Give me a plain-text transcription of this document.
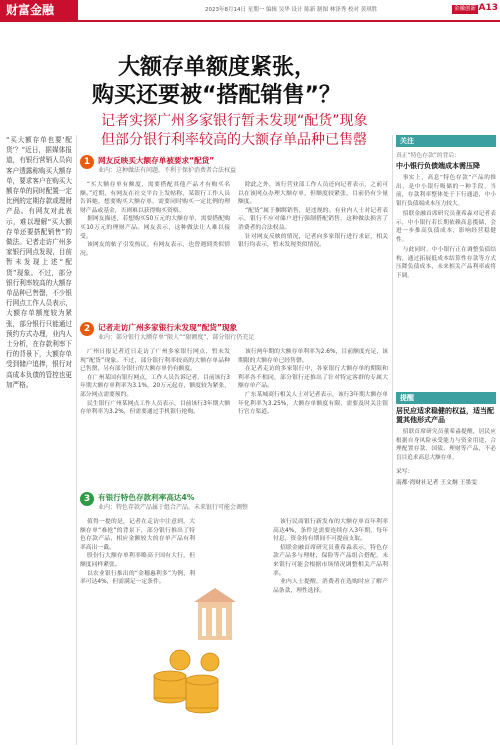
财富金融	2023年8月14日 星期一 编辑 吴华 设计 陈新 制图 林泽秀 校对 黄琪胜	金融创新 A13
大额存单额度紧张，
购买还要被“搭配销售”？
记者实探广州多家银行暂未发现“配货”现象
但部分银行利率较高的大额存单品种已售罄
“买大额存单也要‘配货’？”近日，据媒体报道，有银行营销人员向客户透露称购买大额存单，要求客户在购买大额存单的同时配置一定比例的定期存款或理财产品。有网友对此表示，难以理解“买大额存单还要搭配销售”的做法。记者走访广州多家银行网点发现，目前暂未发现上述“配货”现象。不过，部分银行利率较高的大额存单品种已售罄，不少银行网点工作人员表示，大额存单额度较为紧张，部分银行只能通过预约方式办理，业内人士分析，在存款利率下行的背景下，大额存单受到储户追捧，银行对高成本负债的管控也更加严格。
1	网友反映买大额存单被要求“配货”
业内：这种做法有问题，不利于保护消费者合法权益

“买大额存单有额度，需要搭配其他产品才有购买名额。”近期，有网友在社交平台上发帖称，某银行工作人员告诉她，想要购买大额存单，需要同时购买一定比例的理财产品或基金，否则难以获得购买资格。

据网友描述，若想购买50万元的大额存单，需要搭配购买10万元的理财产品。网友表示，这种做法让人难以接受。

该网友的帖子引发热议。有网友表示，也曾遇到类似情况。

除此之外，该行营业部工作人员还向记者表示，之前可以在该网点办理大额存单，但额度较紧张，目前仍有少量额度。

“配货”属于捆绑销售，是违规的。有业内人士对记者表示，银行不应对储户进行强制搭配销售，这种做法损害了消费者的合法权益。

针对网友反映的情况，记者向多家银行进行求证，相关银行均表示，暂未发现类似情况。

2	记者走访广州多家银行未发现“配货”现象
业内：部分银行大额存单“限人”“限额度”，部分银行仍充足

广州日报记者近日走访了广州多家银行网点，暂未发现“配货”现象。不过，部分银行利率较高的大额存单品种已售罄，另有部分银行的大额存单仍有额度。

在广州某国有银行网点，工作人员告诉记者，目前该行3年期大额存单利率为3.1%，20万元起存，额度较为紧张，部分网点需要预约。

民生银行广州某网点工作人员表示，目前该行3年期大额存单利率为3.2%，但需要通过手机银行抢购。

该行两年期的大额存单利率为2.6%，目前额度充足，该期限的大额存单已经售罄。

在记者走访的多家银行中，各家银行大额存单的期限和利率各不相同，部分银行还推出了针对特定客群的专属大额存单产品。

广东某城商行相关人士对记者表示，该行3年期大额存单年化利率为3.25%，大额存单额度有限，需要及时关注银行官方渠道。

3	有银行特色存款利率高达4%
业内：特色存款产品属于组合产品，未来银行可能会调整

值得一提的是，记者在走访中注意到，大额存单“难抢”的背景下，部分银行推出了特色存款产品，相应金额较大的存单产品有利率高出一截。

股份行大额存单利率略高于国有大行，但额度同样紧张。

以农业银行推出的“金穗惠利多”为例，利率可达4%，但需满足一定条件。

该行民商银行新发布的大额存单首年利率高达4%，条件是需要连续存入3年期，每年付息，资金持有期间不可提前支取。

招联金融首席研究员董希淼表示，特色存款产品多与理财、保险等产品组合搭配，未来银行可能会根据市场情况调整相关产品利率。

业内人士提醒，消费者在选购时应了解产品条款，理性选择。

关注
真正“特色存款”的背后：
中小银行负债端成本需压降

事实上，高息“特色存款”产品的推出，是中小银行吸储的一种手段。当前，存款利率整体处于下行通道，中小银行负债端成本压力较大。

招联金融首席研究员董希淼对记者表示，中小银行若长期依赖高息揽储，会进一步推高负债成本，影响经营稳健性。

与此同时，中小银行正在调整负债结构，通过拓展低成本结算性存款等方式压降负债成本，未来相关产品利率或将下调。

提醒
居民应适求稳健的权益，适当配置其他形式产品

招联首席研究员董希淼提醒，居民应根据自身风险承受能力与资金用途，合理配置存款、国债、理财等产品，不必盲目追求高息大额存单。

采写：
南都·湾财社记者 王文炯 王墨雯
